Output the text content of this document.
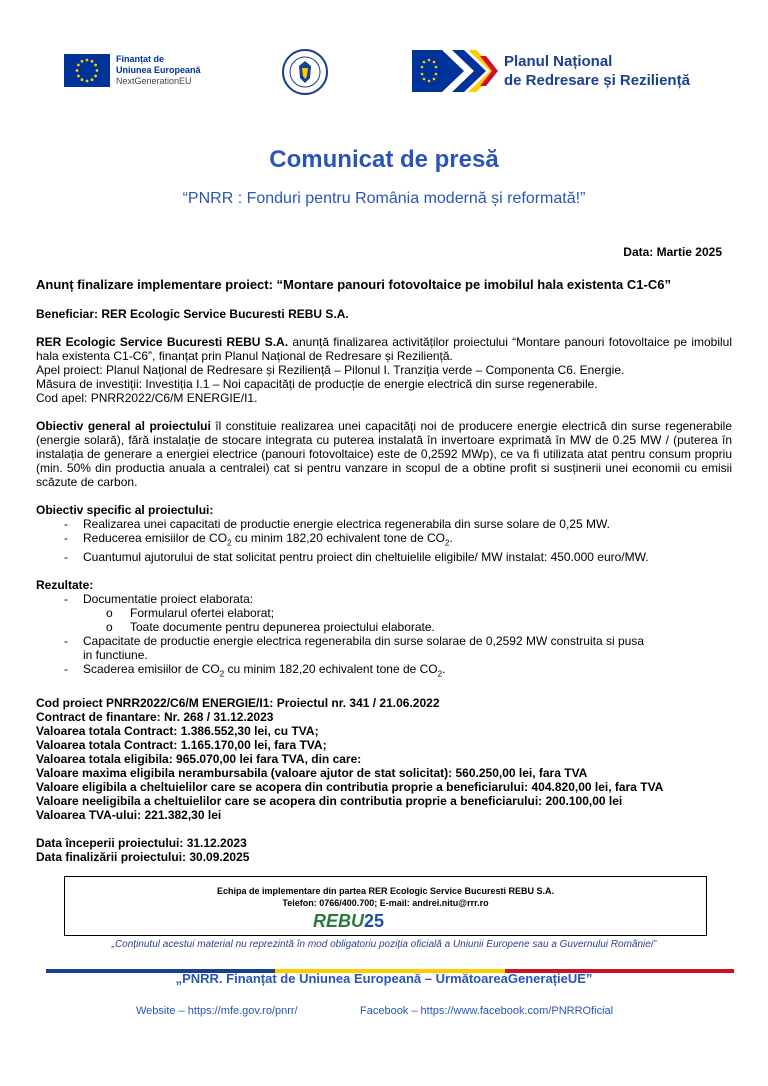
Finanțat de
Uniunea Europeană
NextGenerationEU
Planul Național
de Redresare și Reziliență
Comunicat de presă
“PNRR : Fonduri pentru România modernă și reformată!”
Data: Martie 2025
Anunț finalizare implementare proiect: “Montare panouri fotovoltaice pe imobilul hala existenta C1-C6”
Beneficiar: RER Ecologic Service Bucuresti REBU S.A.
RER Ecologic Service Bucuresti REBU S.A. anunță finalizarea activităților proiectului “Montare panouri fotovoltaice pe imobilul hala existenta C1-C6”, finanțat prin Planul Național de Redresare și Reziliență.
Apel proiect: Planul Național de Redresare și Reziliență – Pilonul I. Tranziția verde – Componenta C6. Energie.
Măsura de investiții: Investiția I.1 – Noi capacități de producție de energie electrică din surse regenerabile.
Cod apel: PNRR2022/C6/M ENERGIE/I1.
Obiectiv general al proiectului îl constituie realizarea unei capacități noi de producere energie electrică din surse regenerabile (energie solară), fără instalație de stocare integrata cu puterea instalată în invertoare exprimată în MW de 0.25 MW / (puterea în instalația de generare a energiei electrice (panouri fotovoltaice) este de 0,2592 MWp), ce va fi utilizata atat pentru consum propriu (min. 50% din productia anuala a centralei) cat si pentru vanzare in scopul de a obtine profit si susținerii unei economii cu emisii scăzute de carbon.
Obiectiv specific al proiectului:
- Realizarea unei capacitati de productie energie electrica regenerabila din surse solare de 0,25 MW.
- Reducerea emisiilor de $CO_2$ cu minim 182,20 echivalent tone de $CO_2$.
- Cuantumul ajutorului de stat solicitat pentru proiect din cheltuielile eligibile/ MW instalat: 450.000 euro/MW.
Rezultate:
- Documentatie proiect elaborata:
o Formularul ofertei elaborat;
o Toate documente pentru depunerea proiectului elaborate.
- Capacitate de productie energie electrica regenerabila din surse solarae de 0,2592 MW construita si pusa in functiune.
- Scaderea emisiilor de $CO_2$ cu minim 182,20 echivalent tone de $CO_2$.
Cod proiect PNRR2022/C6/M ENERGIE/I1: Proiectul nr. 341 / 21.06.2022
Contract de finantare: Nr. 268 / 31.12.2023
Valoarea totala Contract: 1.386.552,30 lei, cu TVA;
Valoarea totala Contract: 1.165.170,00 lei, fara TVA;
Valoarea totala eligibila: 965.070,00 lei fara TVA, din care:
Valoare maxima eligibila nerambursabila (valoare ajutor de stat solicitat): 560.250,00 lei, fara TVA
Valoare eligibila a cheltuielilor care se acopera din contributia proprie a beneficiarului: 404.820,00 lei, fara TVA
Valoare neeligibila a cheltuielilor care se acopera din contributia proprie a beneficiarului: 200.100,00 lei
Valoarea TVA-ului: 221.382,30 lei
Data începerii proiectului: 31.12.2023
Data finalizării proiectului: 30.09.2025
Echipa de implementare din partea RER Ecologic Service Bucuresti REBU S.A.
Telefon: 0766/400.700; E-mail: andrei.nitu@rrr.ro
REBU25
„Conținutul acestui material nu reprezintă în mod obligatoriu poziția oficială a Uniunii Europene sau a Guvernului României”
„PNRR. Finanțat de Uniunea Europeană – UrmătoareaGenerațieUE”
Website – https://mfe.gov.ro/pnrr/	Facebook – https://www.facebook.com/PNRROficial
